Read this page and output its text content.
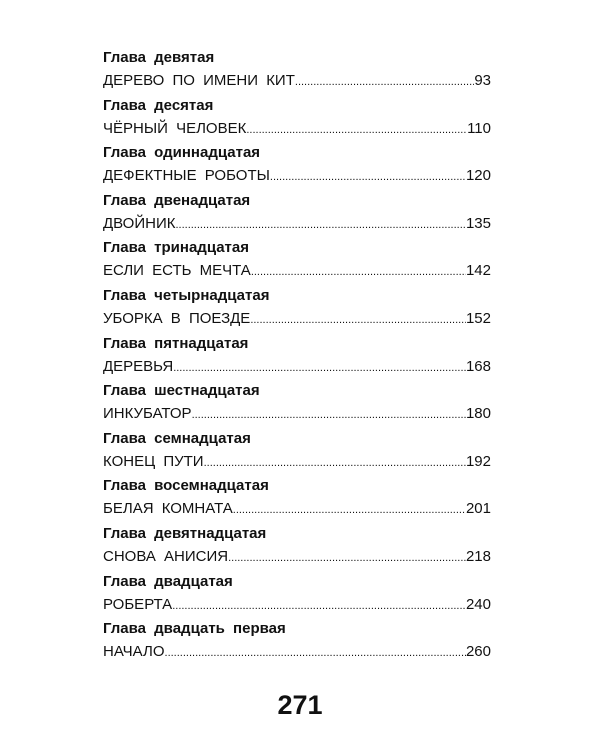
Глава девятая
ДЕРЕВО ПО ИМЕНИ КИТ .....	93
Глава десятая
ЧЁРНЫЙ ЧЕЛОВЕК .....	110
Глава одиннадцатая
ДЕФЕКТНЫЕ РОБОТЫ .....	120
Глава двенадцатая
ДВОЙНИК .....	135
Глава тринадцатая
ЕСЛИ ЕСТЬ МЕЧТА .....	142
Глава четырнадцатая
УБОРКА В ПОЕЗДЕ .....	152
Глава пятнадцатая
ДЕРЕВЬЯ .....	168
Глава шестнадцатая
ИНКУБАТОР .....	180
Глава семнадцатая
КОНЕЦ ПУТИ .....	192
Глава восемнадцатая
БЕЛАЯ КОМНАТА .....	201
Глава девятнадцатая
СНОВА АНИСИЯ .....	218
Глава двадцатая
РОБЕРТА .....	240
Глава двадцать первая
НАЧАЛО .....	260
271
